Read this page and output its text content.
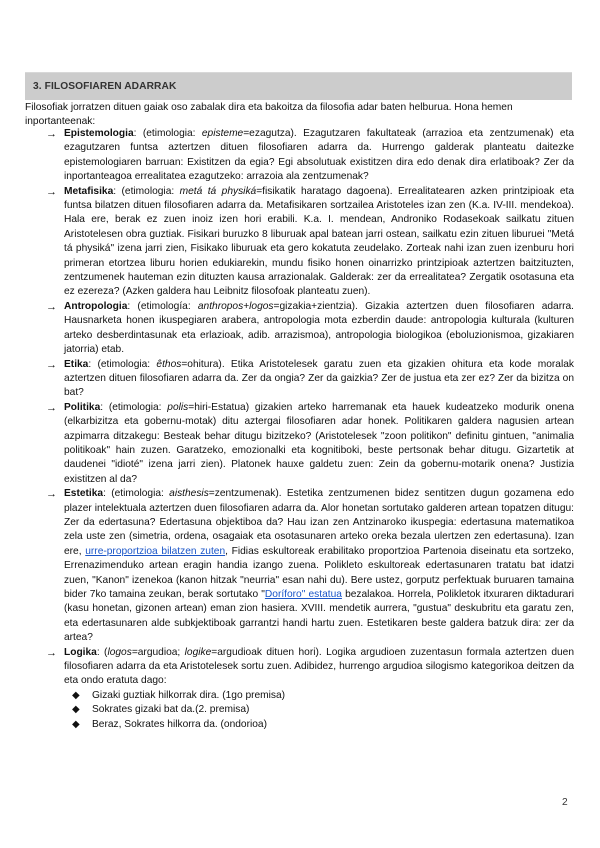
3. FILOSOFIAREN ADARRAK
Filosofiak jorratzen dituen gaiak oso zabalak dira eta bakoitza da filosofia adar baten helburua. Hona hemen inportanteenak:
→ Epistemologia: (etimologia: episteme=ezagutza). Ezagutzaren fakultateak (arrazioa eta zentzumenak) eta ezagutzaren funtsa aztertzen dituen filosofiaren adarra da. Hurrengo galderak planteatu daitezke epistemologiaren barruan: Existitzen da egia? Egi absolutuak existitzen dira edo denak dira erlatiboak? Zer da inportanteagoa errealitatea ezagutzeko: arrazoia ala zentzumenak?
→ Metafisika: (etimologia: metá tá physiká=fisikatik haratago dagoena). Errealitatearen azken printzipioak eta funtsa bilatzen dituen filosofiaren adarra da. Metafisikaren sortzailea Aristoteles izan zen (K.a. IV-III. mendekoa). Hala ere, berak ez zuen inoiz izen hori erabili. K.a. I. mendean, Androniko Rodasekoak sailkatu zituen Aristotelesen obra guztiak. Fisikari buruzko 8 liburuak apal batean jarri ostean, sailkatu ezin zituen liburuei "Metá tá physiká" izena jarri zien, Fisikako liburuak eta gero kokatuta zeudelako. Zorteak nahi izan zuen izenburu hori primeran etortzea liburu horien edukiarekin, mundu fisiko honen oinarrizko printzipioak aztertzen baitzituzten, zentzumenek hauteman ezin dituzten kausa arrazionalak. Galderak: zer da errealitatea? Zergatik osotasuna eta ez ezereza? (Azken galdera hau Leibnitz filosofoak planteatu zuen).
→ Antropologia: (etimología: anthropos+logos=gizakia+zientzia). Gizakia aztertzen duen filosofiaren adarra. Hausnarketa honen ikuspegiaren arabera, antropologia mota ezberdin daude: antropologia kulturala (kulturen arteko desberdintasunak eta erlazioak, adib. arrazismoa), antropologia biologikoa (eboluzionismoa, gizakiaren jatorria) etab.
→ Etika: (etimologia: êthos=ohitura). Etika Aristotelesek garatu zuen eta gizakien ohitura eta kode moralak aztertzen dituen filosofiaren adarra da. Zer da ongia? Zer da gaizkia? Zer de justua eta zer ez? Zer da bizitza on bat?
→ Politika: (etimologia: polis=hiri-Estatua) gizakien arteko harremanak eta hauek kudeatzeko modurik onena (elkarbizitza eta gobernu-motak) ditu aztergai filosofiaren adar honek. Politikaren galdera nagusien artean azpimarra ditzakegu: Besteak behar ditugu bizitzeko? (Aristotelesek "zoon politikon" definitu gintuen, "animalia politikoak" hain zuzen. Garatzeko, emozionalki eta kognitiboki, beste pertsonak behar ditugu. Gizartetik at daudenei "idioté" izena jarri zien). Platonek hauxe galdetu zuen: Zein da gobernu-motarik onena? Justizia existitzen al da?
→ Estetika: (etimologia: aisthesis=zentzumenak). Estetika zentzumenen bidez sentitzen dugun gozamena edo plazer intelektuala aztertzen duen filosofiaren adarra da. Alor honetan sortutako galderen artean topatzen ditugu: Zer da edertasuna? Edertasuna objektiboa da? Hau izan zen Antzinaroko ikuspegia: edertasuna matematikoa zela uste zen (simetria, ordena, osagaiak eta osotasunaren arteko oreka bezala ulertzen zen edertasuna). Izan ere, urre-proportzioa bilatzen zuten, Fidias eskultoreak erabilitako proportzioa Partenoia diseinatu eta sortzeko, Errenazimenduko artean eragin handia izango zuena. Polikleto eskultoreak edertasunaren tratatu bat idatzi zuen, "Kanon" izenekoa (kanon hitzak "neurria" esan nahi du). Bere ustez, gorputz perfektuak buruaren tamaina bider 7ko tamaina zeukan, berak sortutako "Doríforo" estatua bezalakoa. Horrela, Polikletok itxuraren diktadurari (kasu honetan, gizonen artean) eman zion hasiera. XVIII. mendetik aurrera, "gustua" deskubritu eta garatu zen, eta edertasunaren alde subkjektiboak garrantzi handi hartu zuen. Estetikaren beste galdera batzuk dira: zer da artea?
→ Logika: (logos=argudioa; logike=argudioak dituen hori). Logika argudioen zuzentasun formala aztertzen duen filosofiaren adarra da eta Aristotelesek sortu zuen. Adibidez, hurrengo argudioa silogismo kategorikoa deitzen da eta ondo eratuta dago:
◆ Gizaki guztiak hilkorrak dira. (1go premisa)
◆ Sokrates gizaki bat da.(2. premisa)
◆ Beraz, Sokrates hilkorra da. (ondorioa)
2
